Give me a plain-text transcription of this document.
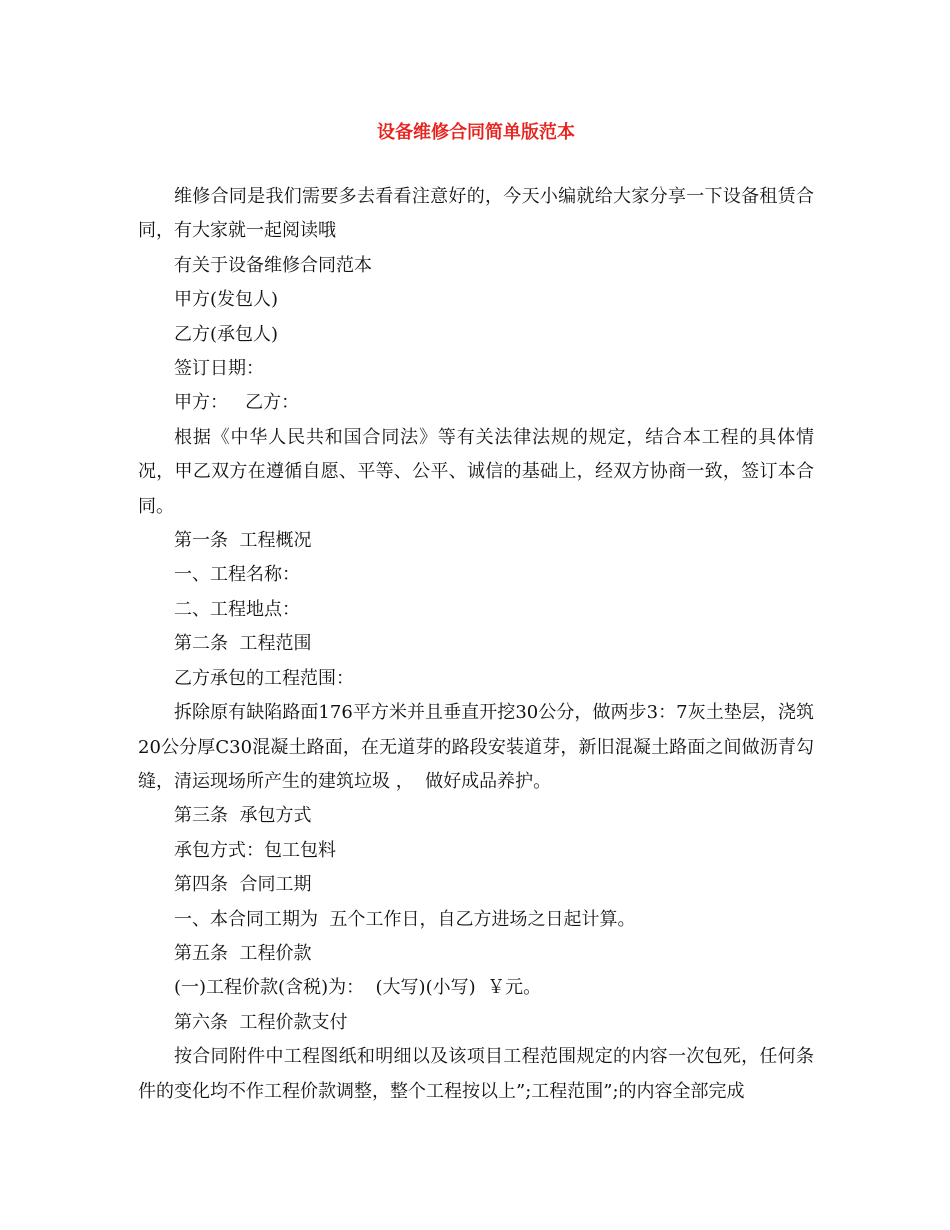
设备维修合同简单版范本

维修合同是我们需要多去看看注意好的，今天小编就给大家分享一下设备租赁合同，有大家就一起阅读哦

有关于设备维修合同范本

甲方(发包人)

乙方(承包人)

签订日期：

甲方：   乙方：

根据《中华人民共和国合同法》等有关法律法规的规定，结合本工程的具体情况，甲乙双方在遵循自愿、平等、公平、诚信的基础上，经双方协商一致，签订本合同。

第一条  工程概况

一、工程名称：

二、工程地点：

第二条  工程范围

乙方承包的工程范围：

拆除原有缺陷路面176平方米并且垂直开挖30公分，做两步3：7灰土垫层，浇筑20公分厚C30混凝土路面，在无道芽的路段安装道芽，新旧混凝土路面之间做沥青勾缝，清运现场所产生的建筑垃圾 ，  做好成品养护。

第三条  承包方式

承包方式：包工包料

第四条  合同工期

一、本合同工期为  五个工作日，自乙方进场之日起计算。

第五条  工程价款

(一)工程价款(含税)为：  (大写)(小写)  ￥元。

第六条  工程价款支付

按合同附件中工程图纸和明细以及该项目工程范围规定的内容一次包死，任何条件的变化均不作工程价款调整，整个工程按以上”;工程范围”;的内容全部完成
